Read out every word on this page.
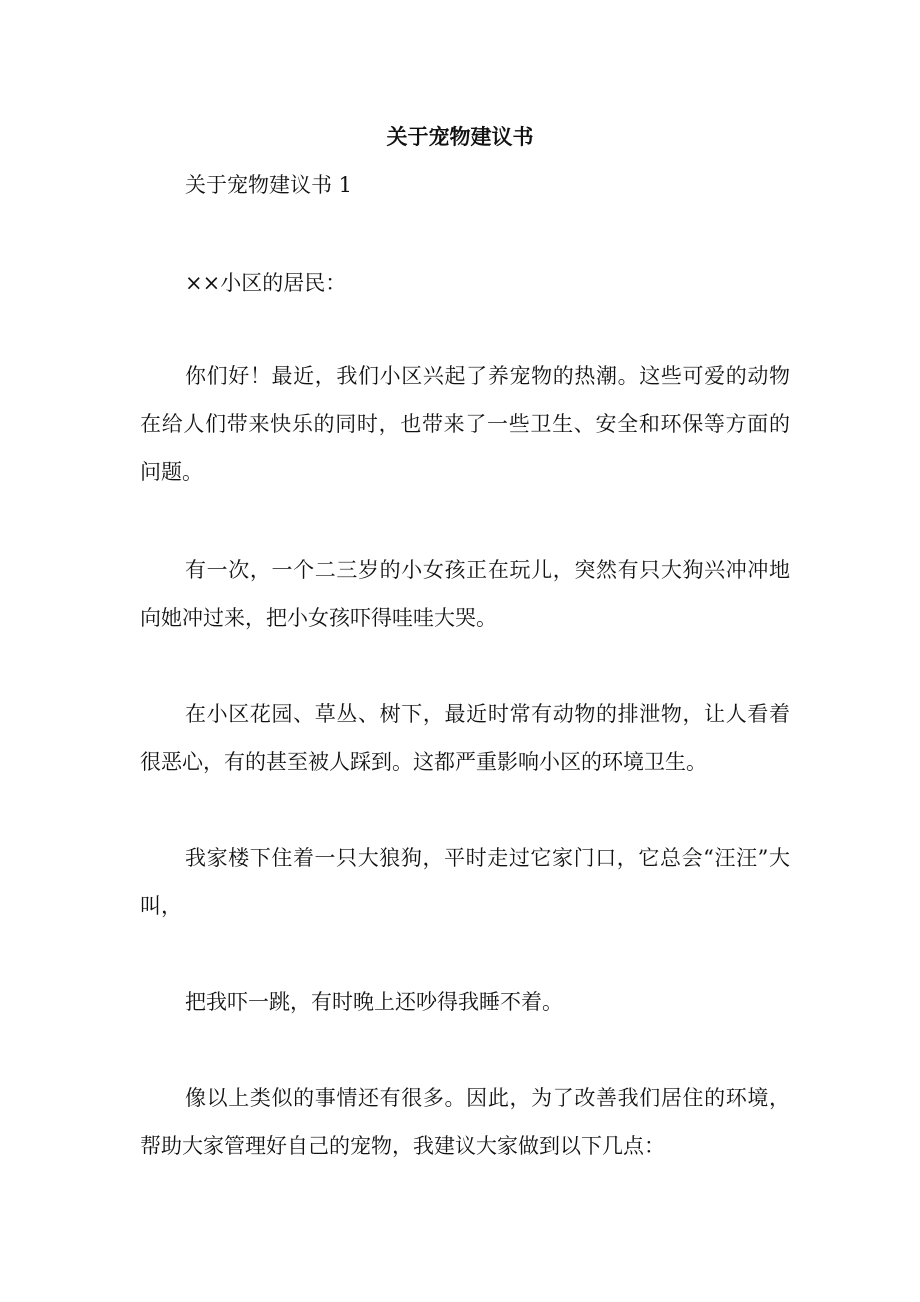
关于宠物建议书
关于宠物建议书 1
××小区的居民：

你们好！最近，我们小区兴起了养宠物的热潮。这些可爱的动物在给人们带来快乐的同时，也带来了一些卫生、安全和环保等方面的问题。

有一次，一个二三岁的小女孩正在玩儿，突然有只大狗兴冲冲地向她冲过来，把小女孩吓得哇哇大哭。

在小区花园、草丛、树下，最近时常有动物的排泄物，让人看着很恶心，有的甚至被人踩到。这都严重影响小区的环境卫生。

我家楼下住着一只大狼狗，平时走过它家门口，它总会“汪汪”大叫，

把我吓一跳，有时晚上还吵得我睡不着。

像以上类似的事情还有很多。因此，为了改善我们居住的环境，帮助大家管理好自己的宠物，我建议大家做到以下几点：
